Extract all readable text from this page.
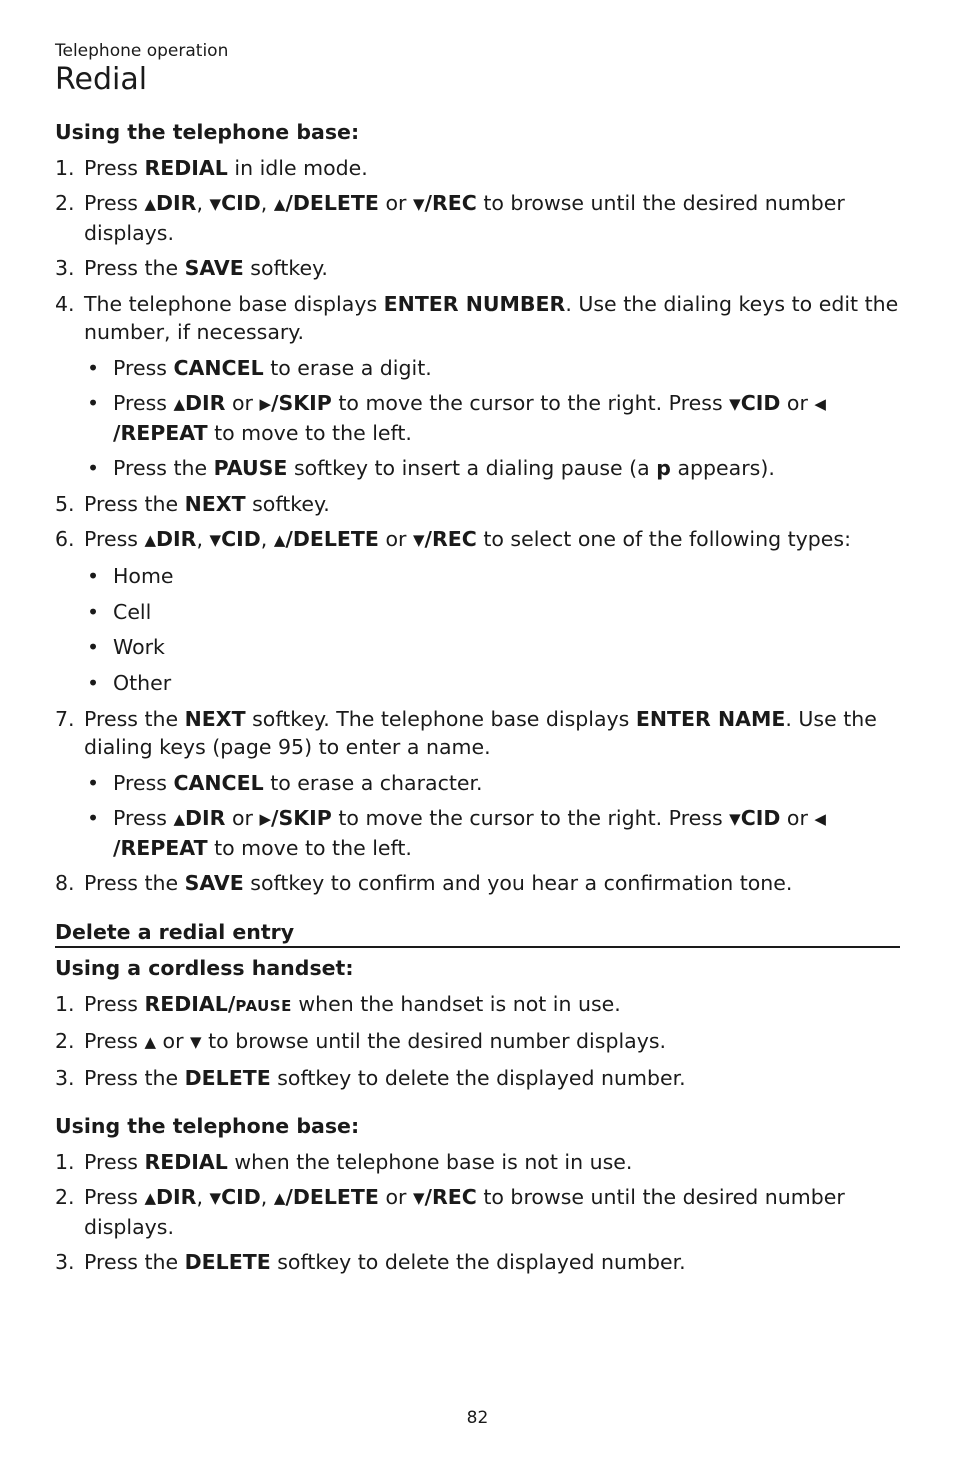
Telephone operation
Redial

Using the telephone base:

1. Press REDIAL in idle mode.
2. Press ▲DIR, ▼CID, ▲/DELETE or ▼/REC to browse until the desired number displays.
3. Press the SAVE softkey.
4. The telephone base displays ENTER NUMBER. Use the dialing keys to edit the number, if necessary.
• Press CANCEL to erase a digit.
• Press ▲DIR or ▶/SKIP to move the cursor to the right. Press ▼CID or ◀/REPEAT to move to the left.
• Press the PAUSE softkey to insert a dialing pause (a p appears).
5. Press the NEXT softkey.
6. Press ▲DIR, ▼CID, ▲/DELETE or ▼/REC to select one of the following types:
• Home
• Cell
• Work
• Other
7. Press the NEXT softkey. The telephone base displays ENTER NAME. Use the dialing keys (page 95) to enter a name.
• Press CANCEL to erase a character.
• Press ▲DIR or ▶/SKIP to move the cursor to the right. Press ▼CID or ◀/REPEAT to move to the left.
8. Press the SAVE softkey to confirm and you hear a confirmation tone.

Delete a redial entry

Using a cordless handset:

1. Press REDIAL/PAUSE when the handset is not in use.
2. Press ▲ or ▼ to browse until the desired number displays.
3. Press the DELETE softkey to delete the displayed number.

Using the telephone base:

1. Press REDIAL when the telephone base is not in use.
2. Press ▲DIR, ▼CID, ▲/DELETE or ▼/REC to browse until the desired number displays.
3. Press the DELETE softkey to delete the displayed number.
82
